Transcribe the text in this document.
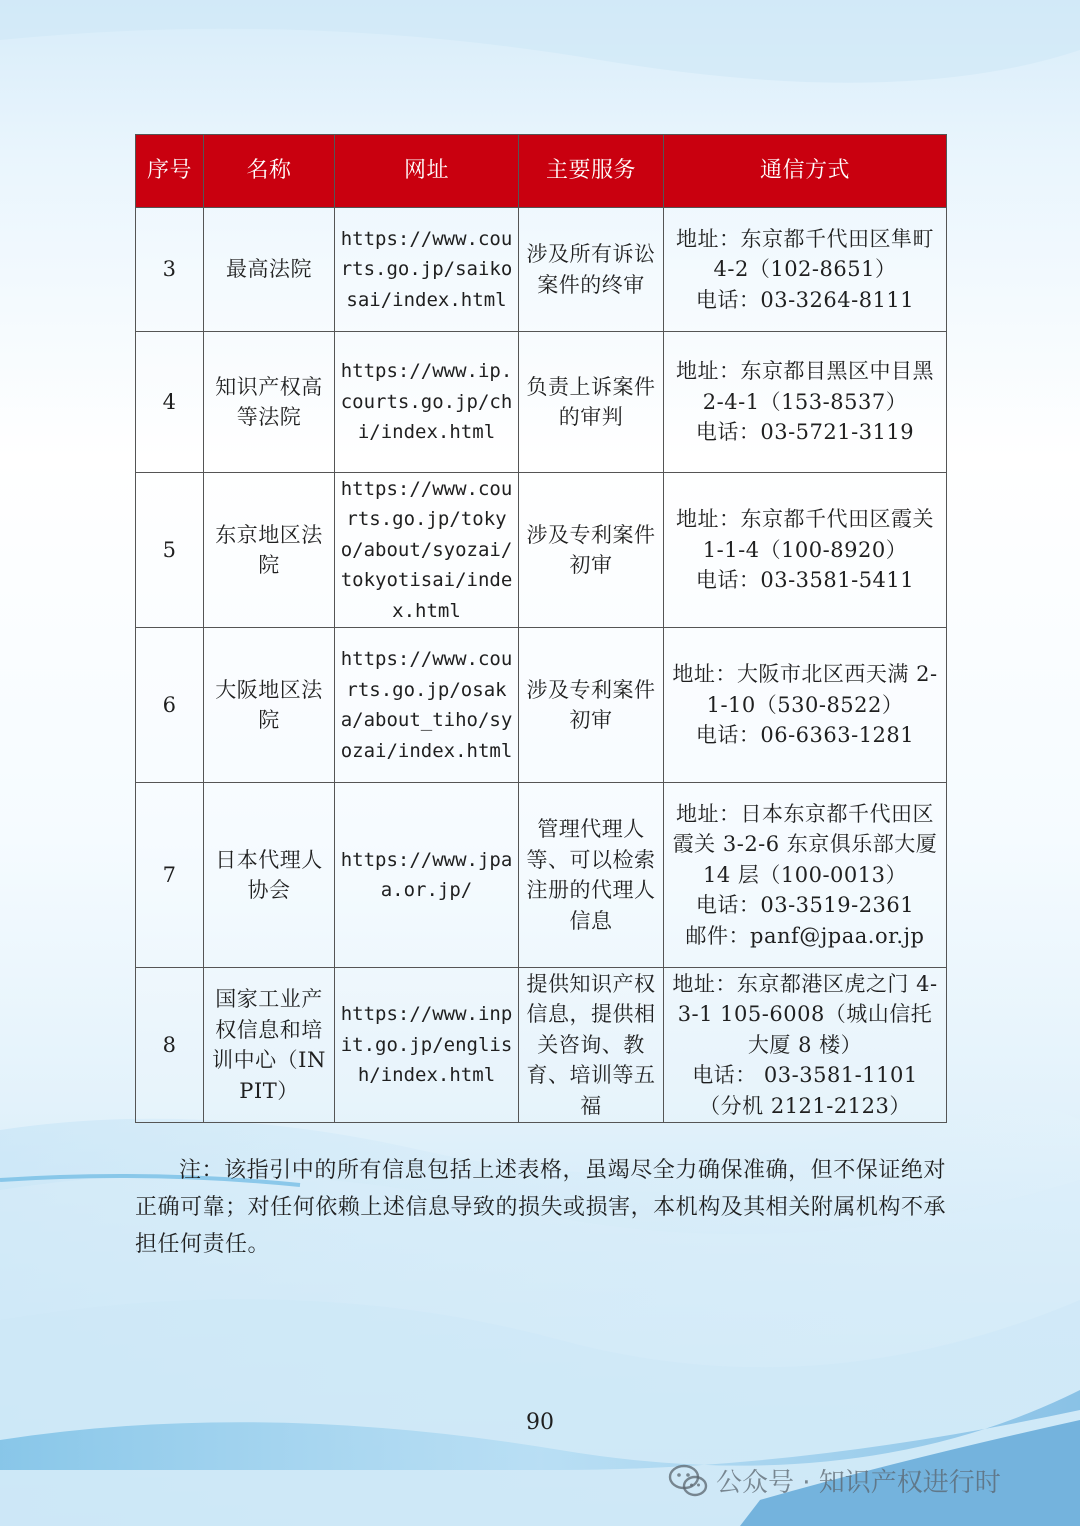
序号	名称	网址	主要服务	通信方式
3	最高法院	https://www.courts.go.jp/saikosai/index.html	涉及所有诉讼案件的终审	地址：东京都千代田区隼町 4-2（102-8651）
电话：03-3264-8111

4	知识产权高等法院	https://www.ip.courts.go.jp/chi/index.html	负责上诉案件的审判	地址：东京都目黑区中目黑 2-4-1（153-8537）
电话：03-5721-3119

5	东京地区法院	https://www.courts.go.jp/tokyo/about/syozai/tokyotisai/index.html	涉及专利案件初审	地址：东京都千代田区霞关 1-1-4（100-8920）
电话：03-3581-5411

6	大阪地区法院	https://www.courts.go.jp/osaka/about_tiho/syozai/index.html	涉及专利案件初审	地址：大阪市北区西天满 2-1-10（530-8522）
电话：06-6363-1281

7	日本代理人协会	https://www.jpaa.or.jp/	管理代理人等、可以检索注册的代理人信息	地址：日本东京都千代田区霞关 3-2-6 东京俱乐部大厦 14 层（100-0013）
电话：03-3519-2361
邮件：panf@jpaa.or.jp

8	国家工业产权信息和培训中心（INPIT）	https://www.inpit.go.jp/english/index.html	提供知识产权信息，提供相关咨询、教育、培训等五福	地址：东京都港区虎之门 4-3-1 105-6008（城山信托大厦 8 楼）
电话： 03-3581-1101（分机 2121-2123）

注：该指引中的所有信息包括上述表格，虽竭尽全力确保准确，但不保证绝对正确可靠；对任何依赖上述信息导致的损失或损害，本机构及其相关附属机构不承担任何责任。

90
公众号 · 知识产权进行时
